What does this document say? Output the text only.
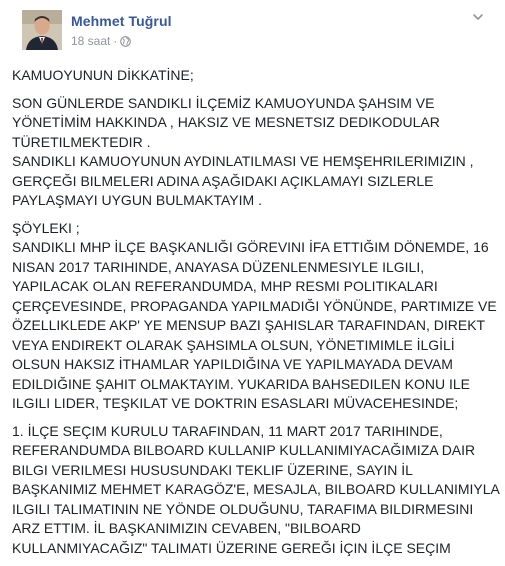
Mehmet Tuğrul
18 saat ·
KAMUOYUNUN DİKKATİNE;
SON GÜNLERDE SANDIKLI İLÇEMİZ KAMUOYUNDA ŞAHSIM VE
YÖNETİMİM HAKKINDA , HAKSIZ VE MESNETSIZ DEDIKODULAR
TÜRETILMEKTEDIR .
SANDIKLI KAMUOYUNUN AYDINLATILMASI VE HEMŞEHRILERIMIZIN ,
GERÇEĞI BILMELERI ADINA AŞAĞIDAKI AÇIKLAMAYI SIZLERLE
PAYLAŞMAYI UYGUN BULMAKTAYIM .
ŞÖYLEKI ;
SANDIKLI MHP İLÇE BAŞKANLIĞI GÖREVINI İFA ETTIĞIM DÖNEMDE, 16
NISAN 2017 TARIHINDE, ANAYASA DÜZENLENMESIYLE ILGILI,
YAPILACAK OLAN REFERANDUMDA, MHP RESMI POLITIKALARI
ÇERÇEVESINDE, PROPAGANDA YAPILMADIĞI YÖNÜNDE, PARTIMIZE VE
ÖZELLIKLEDE AKP' YE MENSUP BAZI ŞAHISLAR TARAFINDAN, DIREKT
VEYA ENDIREKT OLARAK ŞAHSIMLA OLSUN, YÖNETIMIMLE İLGİLİ
OLSUN HAKSIZ İTHAMLAR YAPILDIĞINA VE YAPILMAYADA DEVAM
EDILDIĞINE ŞAHIT OLMAKTAYIM. YUKARIDA BAHSEDILEN KONU ILE
ILGILI LIDER, TEŞKILAT VE DOKTRIN ESASLARI MÜVACEHESINDE;
1. İLÇE SEÇIM KURULU TARAFINDAN, 11 MART 2017 TARIHINDE,
REFERANDUMDA BILBOARD KULLANIP KULLANIMIYACAĞIMIZA DAIR
BILGI VERILMESI HUSUSUNDAKI TEKLIF ÜZERINE, SAYIN İL
BAŞKANIMIZ MEHMET KARAGÖZ'E, MESAJLA, BILBOARD KULLANIMIYLA
ILGILI TALIMATININ NE YÖNDE OLDUĞUNU, TARAFIMA BILDIRMESINI
ARZ ETTIM. İL BAŞKANIMIZIN CEVABEN, "BILBOARD
KULLANMIYACAĞIZ" TALIMATI ÜZERINE GEREĞI İÇIN İLÇE SEÇIM
